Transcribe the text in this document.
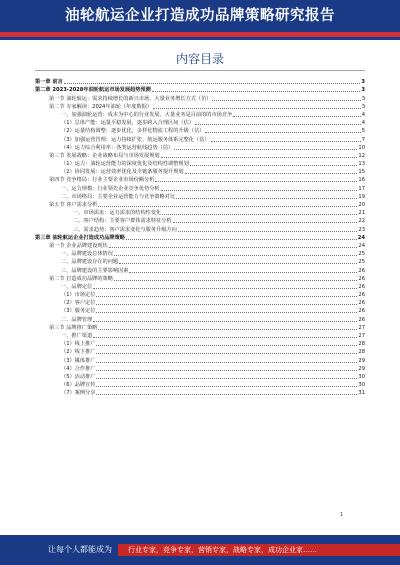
油轮航运企业打造成功品牌策略研究报告
内容目录
第一章 前言	3
第二章 2023-2028年油轮航运市场发展趋势预测	3
第一节 油轮航运：需求持续增长的新兴市场，大量业务增长方式（仿）	3
第二节 专家解读：2024年油轮（年度数据）	3
一、加强油轮运营：成本为中心的行业发展，大量业务是目前的的市场竞争	4
（1）总体产能：运量平稳发展，逐步跨入合理区间（估）	4
（2）运量结构调整：逐步优化，多样化物流工程的升级（估）	5
（3）加强运营管理：运力持续扩张，航运服务体系完整化（估）	7
（4）运力综合利用率：各类运营航线趋势（估）	10
第三节 发展战略：企业战略布局与市场发展规划	12
（1）运力：油轮运营能力的深度优化及结构性调整规划	13
（2）协同发展：运营效率优化及全链条服务提升规划	15
第四节 竞争格局：行业主要企业市场份额分析	16
一、运力规模：行业领先企业竞争优势分析	17
二、市场格局：主要企业运营能力与竞争策略对比	19
第五节 客户需求分析	20
一、市场需求：运力需求的结构性变化	21
二、客户结构：主要客户群体需求特征分析	22
三、需求趋势：客户需求变化与服务升级方向	23
第三章 油轮航运企业打造成功品牌策略	24
第一节 企业品牌建设现状	24
一、品牌建设总体情况	25
二、品牌建设存在的问题	25
三、品牌建设的主要影响因素	26
第二节 打造成功品牌的策略	26
一、品牌定位	26
（1）市场定位	26
（2）客户定位	26
（3）服务定位	26
二、品牌管理	26
第三节 品牌推广策略	27
一、推广渠道	27
（1）线上推广	28
（2）线下推广	28
（3）媒体推广	29
（4）合作推广	29
（5）活动推广	30
（6）品牌宣传	30
（7）案例分享	31
1
让每个人都能成为 行业专家，竞争专家，营销专家，战略专家，成功企业家……
